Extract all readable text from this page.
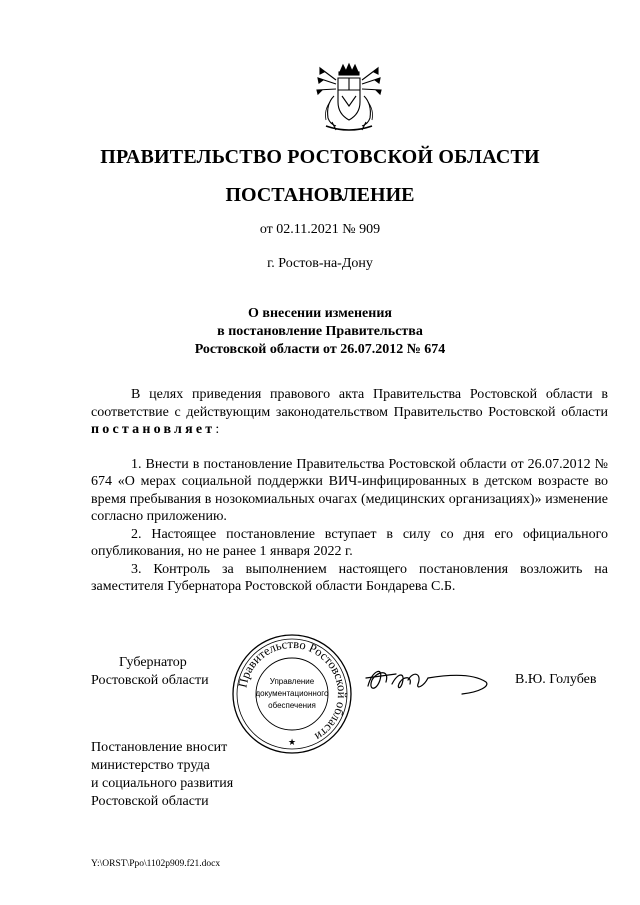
ПРАВИТЕЛЬСТВО РОСТОВСКОЙ ОБЛАСТИ
ПОСТАНОВЛЕНИЕ
от 02.11.2021 № 909
г. Ростов-на-Дону
О внесении изменения
в постановление Правительства
Ростовской области от 26.07.2012 № 674

В целях приведения правового акта Правительства Ростовской области в соответствие с действующим законодательством Правительство Ростовской области постановляет:

1. Внести в постановление Правительства Ростовской области от 26.07.2012 № 674 «О мерах социальной поддержки ВИЧ-инфицированных в детском возрасте во время пребывания в нозокомиальных очагах (медицинских организациях)» изменение согласно приложению.

2. Настоящее постановление вступает в силу со дня его официального опубликования, но не ранее 1 января 2022 г.

3. Контроль за выполнением настоящего постановления возложить на заместителя Губернатора Ростовской области Бондарева С.Б.

Губернатор
Ростовской области	Правительство Ростовской области
Управление
документационного
обеспечения
★
В.Ю. Голубев
Постановление вносит
министерство труда
и социального развития
Ростовской области
Y:\ORST\Ppo\1102p909.f21.docx
